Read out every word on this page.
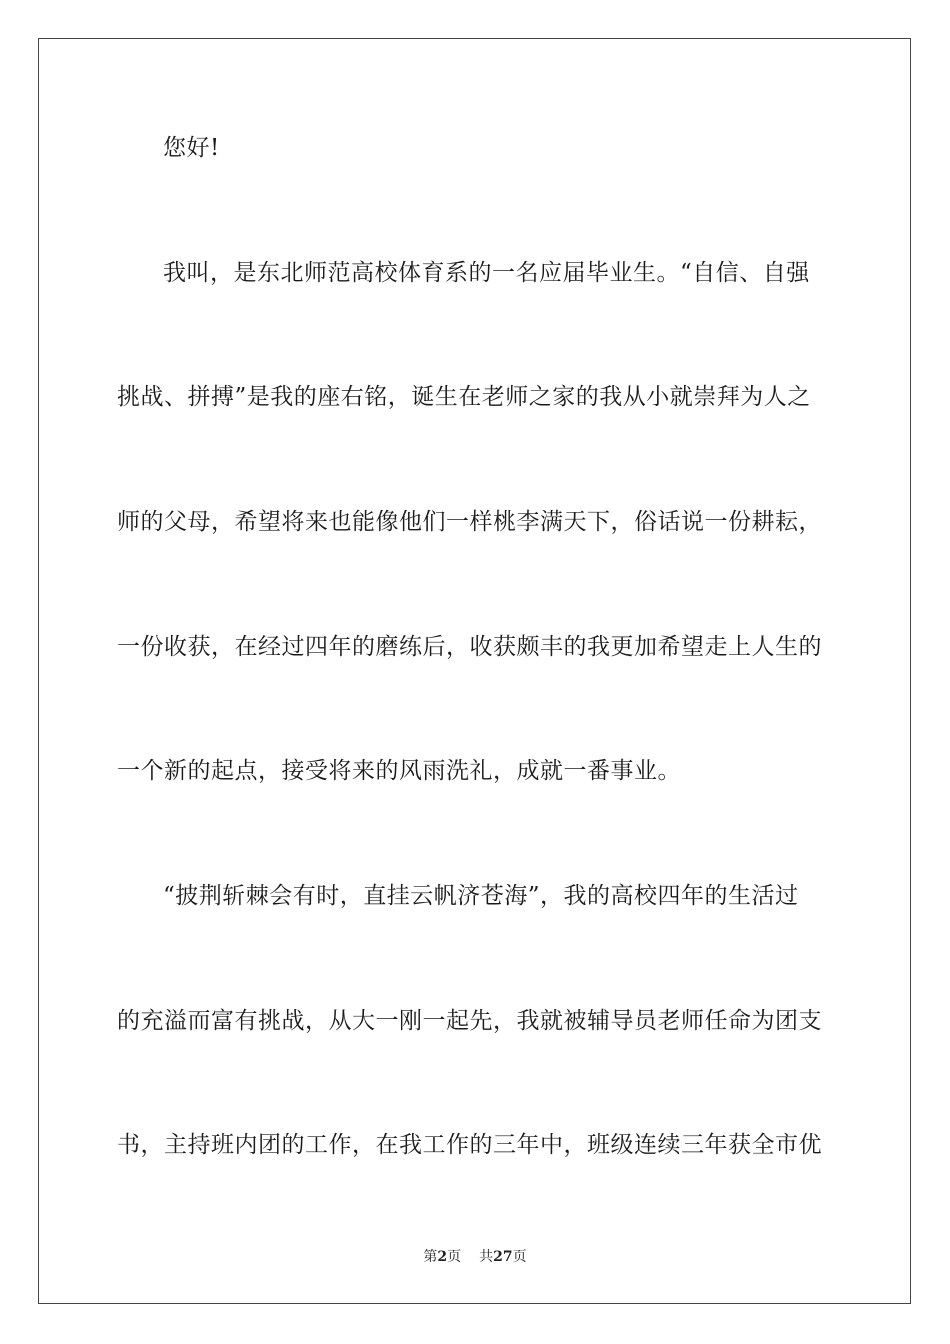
您好!
我叫，是东北师范高校体育系的一名应届毕业生。“自信、自强
挑战、拼搏”是我的座右铭，诞生在老师之家的我从小就崇拜为人之
师的父母，希望将来也能像他们一样桃李满天下，俗话说一份耕耘，
一份收获，在经过四年的磨练后，收获颇丰的我更加希望走上人生的
一个新的起点，接受将来的风雨洗礼，成就一番事业。
“披荆斩棘会有时，直挂云帆济苍海”，我的高校四年的生活过
的充溢而富有挑战，从大一刚一起先，我就被辅导员老师任命为团支
书，主持班内团的工作，在我工作的三年中，班级连续三年获全市优
第2页 共27页
